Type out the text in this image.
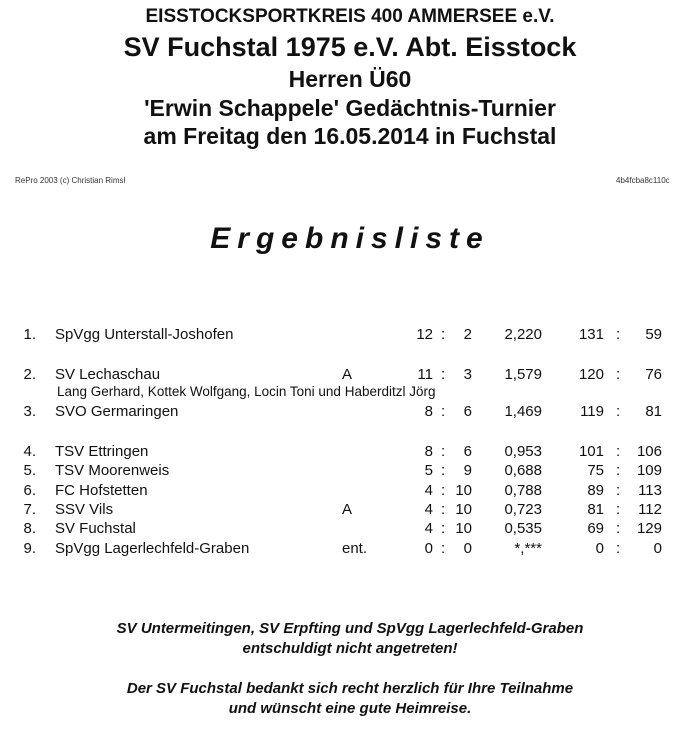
EISSTOCKSPORTKREIS 400 AMMERSEE e.V.
SV Fuchstal 1975 e.V. Abt. Eisstock
Herren Ü60
'Erwin Schappele' Gedächtnis-Turnier
am Freitag den 16.05.2014 in Fuchstal
RePro 2003 (c) Christian Rimsl	4b4fcba8c110c
Ergebnisliste
1. SpVgg Unterstall-Joshofen	12 :	2	2,220	131 :	59
2. SV Lechaschau	A	11 :	3	1,579	120 :	76
Lang Gerhard, Kottek Wolfgang, Locin Toni und Haberditzl Jörg
3. SVO Germaringen	8 :	6	1,469	119 :	81
4. TSV Ettringen	8 :	6	0,953	101 :	106
5. TSV Moorenweis	5 :	9	0,688	75 :	109
6. FC Hofstetten	4 : 10	0,788	89 :	113
7. SSV Vils	A	4 : 10	0,723	81 :	112
8. SV Fuchstal	4 : 10	0,535	69 :	129
9. SpVgg Lagerlechfeld-Graben	ent.	0 :	0	*,***	0 :	0
SV Untermeitingen, SV Erpfting und SpVgg Lagerlechfeld-Graben
entschuldigt nicht angetreten!
Der SV Fuchstal bedankt sich recht herzlich für Ihre Teilnahme
und wünscht eine gute Heimreise.
